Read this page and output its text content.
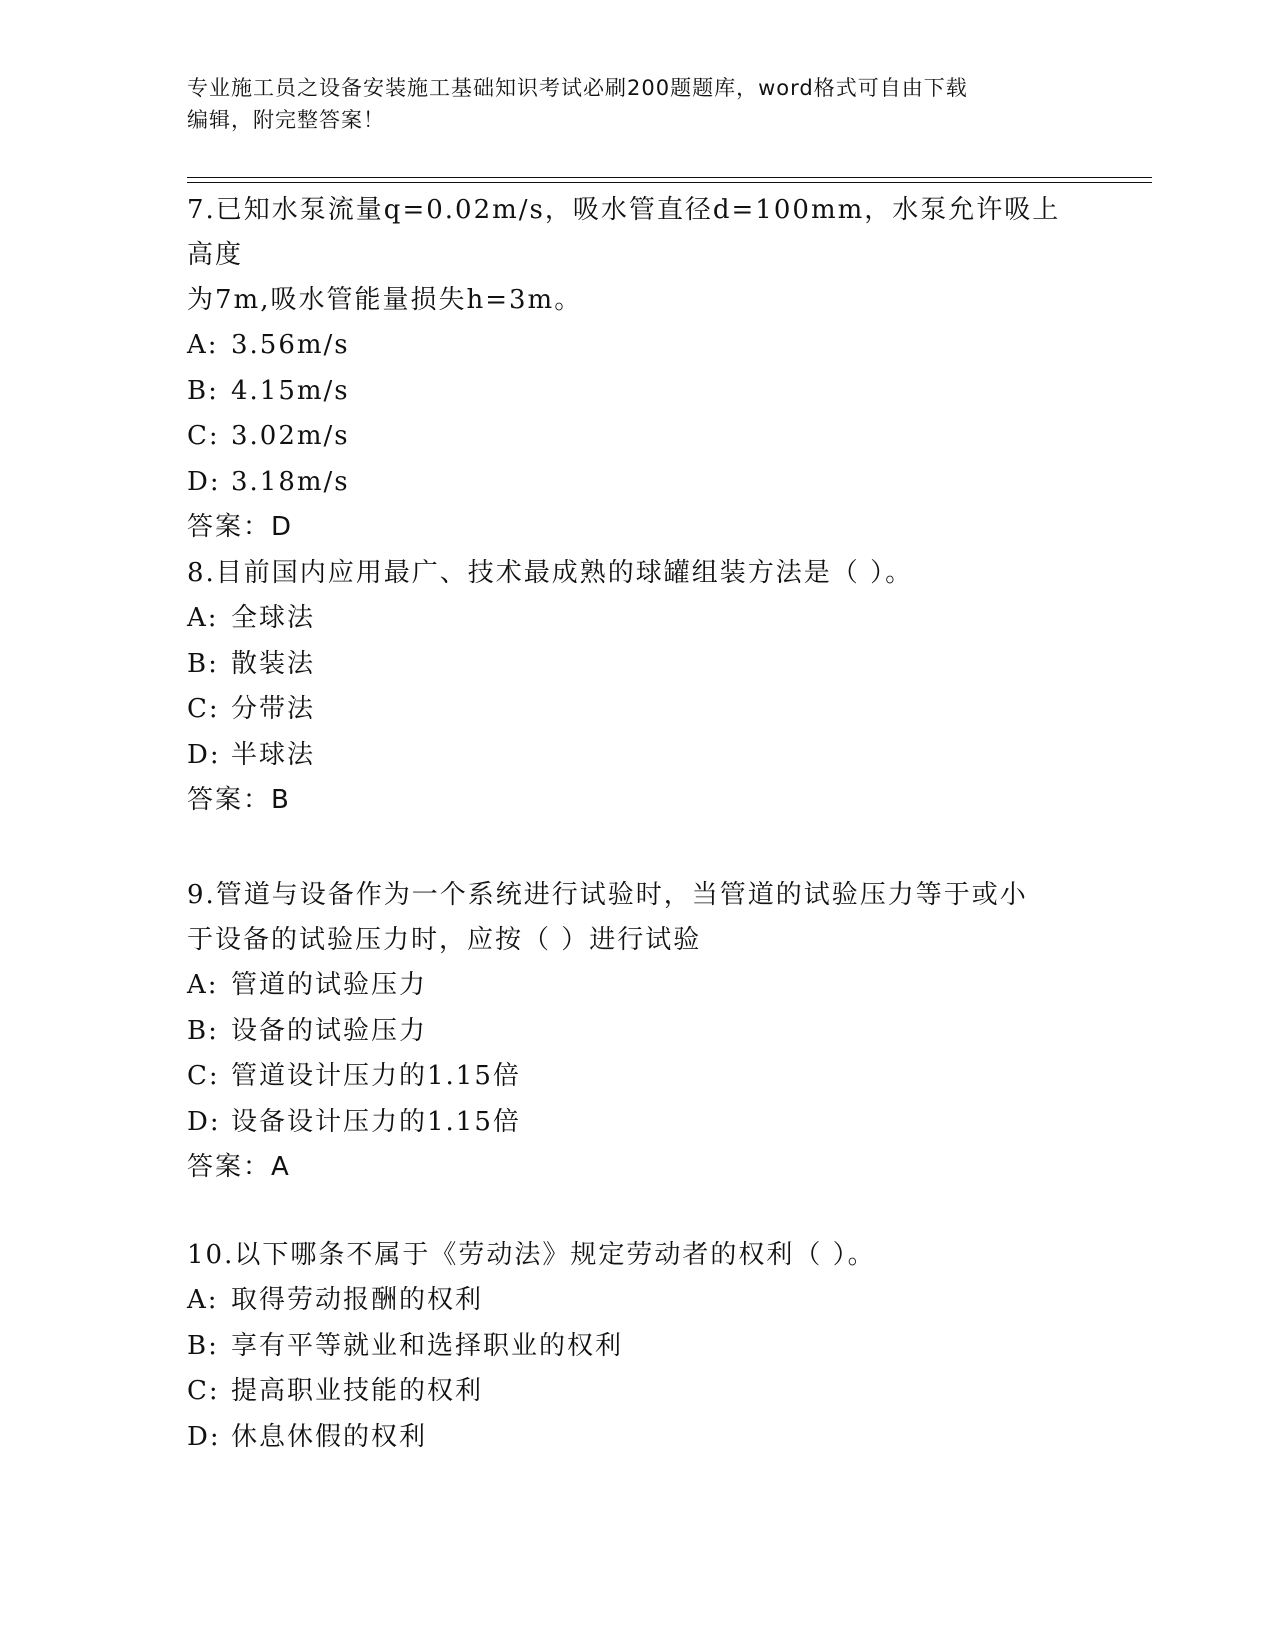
专业施工员之设备安装施工基础知识考试必刷200题题库，word格式可自由下载
编辑，附完整答案！
7.已知水泵流量q=0.02m/s，吸水管直径d=100mm，水泵允许吸上高度
为7m,吸水管能量损失h=3m。
A: 3.56m/s
B: 4.15m/s
C: 3.02m/s
D: 3.18m/s
答案：D
8.目前国内应用最广、技术最成熟的球罐组装方法是（ ）。
A: 全球法
B: 散装法
C: 分带法
D: 半球法
答案：B
9.管道与设备作为一个系统进行试验时，当管道的试验压力等于或小
于设备的试验压力时，应按（ ）进行试验
A: 管道的试验压力
B: 设备的试验压力
C: 管道设计压力的1.15倍
D: 设备设计压力的1.15倍
答案：A
10.以下哪条不属于《劳动法》规定劳动者的权利（ ）。
A: 取得劳动报酬的权利
B: 享有平等就业和选择职业的权利
C: 提高职业技能的权利
D: 休息休假的权利
